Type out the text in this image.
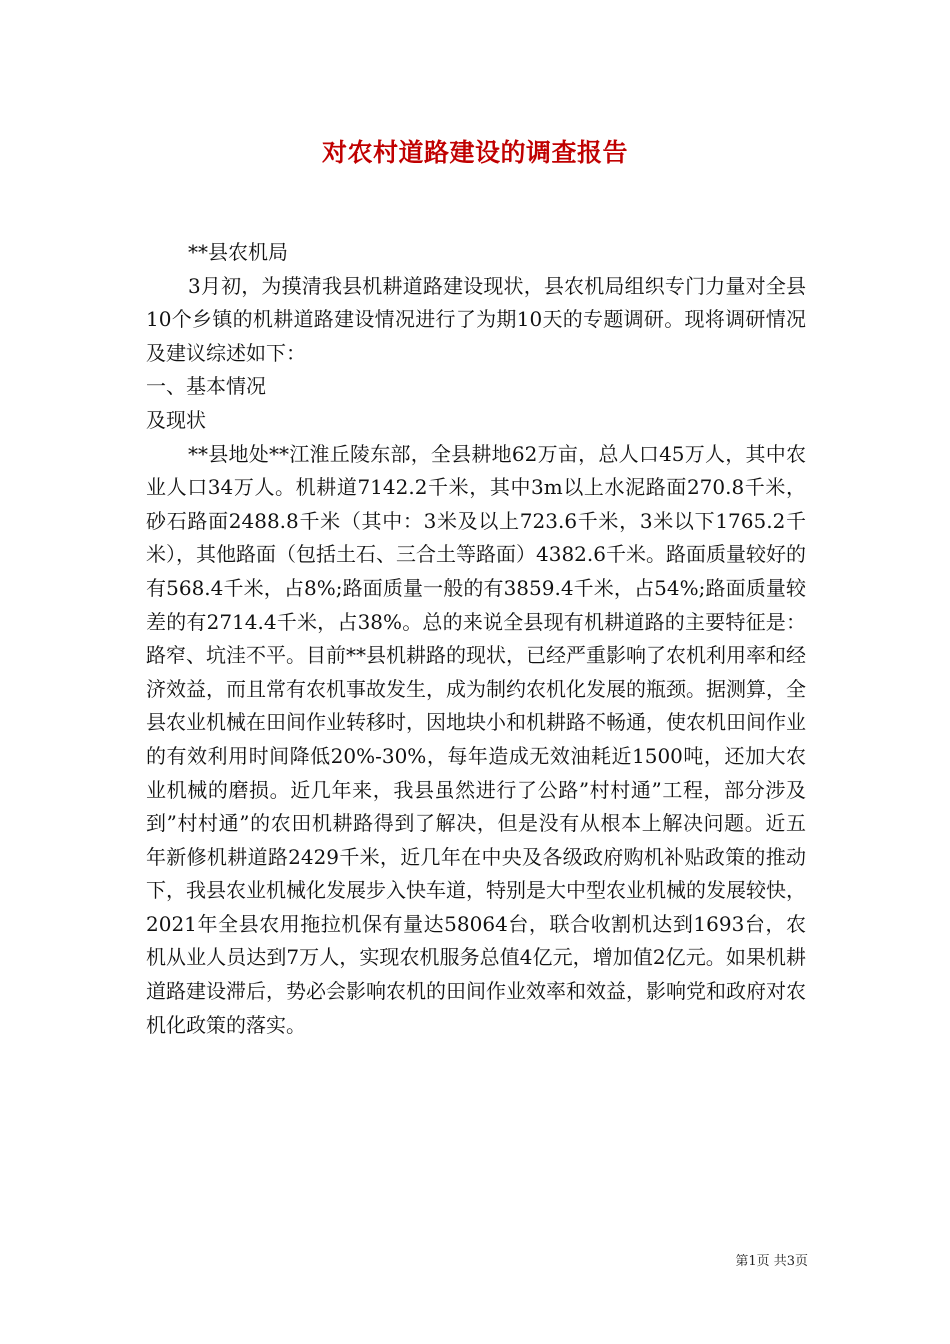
对农村道路建设的调查报告

**县农机局

3月初，为摸清我县机耕道路建设现状，县农机局组织专门力量对全县10个乡镇的机耕道路建设情况进行了为期10天的专题调研。现将调研情况及建议综述如下：

一、基本情况

及现状

**县地处**江淮丘陵东部，全县耕地62万亩，总人口45万人，其中农业人口34万人。机耕道7142.2千米，其中3m以上水泥路面270.8千米，砂石路面2488.8千米（其中：3米及以上723.6千米，3米以下1765.2千米），其他路面（包括土石、三合土等路面）4382.6千米。路面质量较好的有568.4千米，占8%;路面质量一般的有3859.4千米，占54%;路面质量较差的有2714.4千米，占38%。总的来说全县现有机耕道路的主要特征是：路窄、坑洼不平。目前**县机耕路的现状，已经严重影响了农机利用率和经济效益，而且常有农机事故发生，成为制约农机化发展的瓶颈。据测算，全县农业机械在田间作业转移时，因地块小和机耕路不畅通，使农机田间作业的有效利用时间降低20%-30%，每年造成无效油耗近1500吨，还加大农业机械的磨损。近几年来，我县虽然进行了公路”村村通”工程，部分涉及到”村村通”的农田机耕路得到了解决，但是没有从根本上解决问题。近五年新修机耕道路2429千米，近几年在中央及各级政府购机补贴政策的推动下，我县农业机械化发展步入快车道，特别是大中型农业机械的发展较快，2021年全县农用拖拉机保有量达58064台，联合收割机达到1693台，农机从业人员达到7万人，实现农机服务总值4亿元，增加值2亿元。如果机耕道路建设滞后，势必会影响农机的田间作业效率和效益，影响党和政府对农机化政策的落实。

第1页 共3页
